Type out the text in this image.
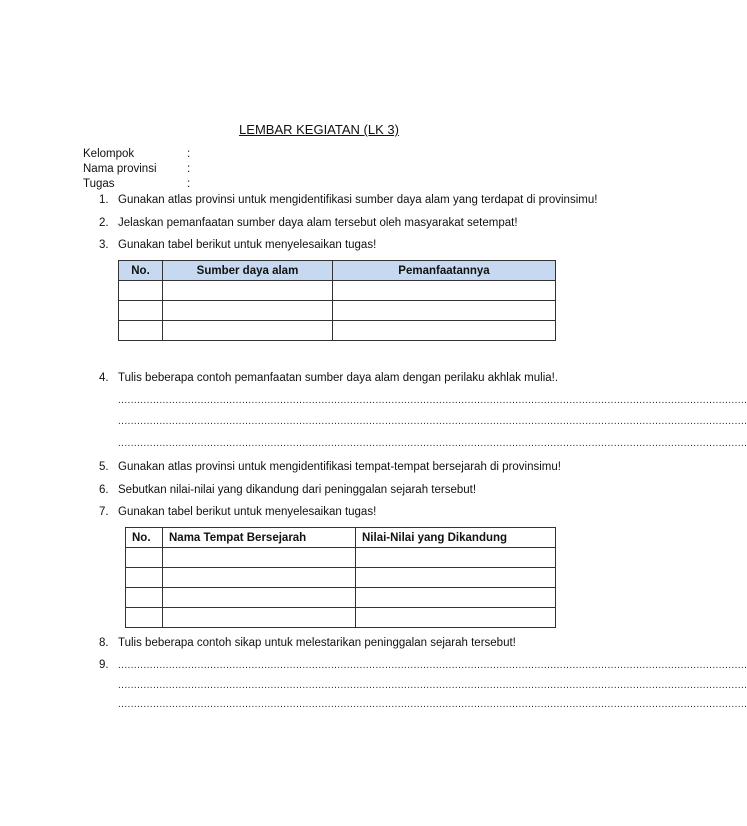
LEMBAR KEGIATAN (LK 3)
Kelompok	:
Nama provinsi	:
Tugas	:
1. Gunakan atlas provinsi untuk mengidentifikasi sumber daya alam yang terdapat di provinsimu!
2. Jelaskan pemanfaatan sumber daya alam tersebut oleh masyarakat setempat!
3. Gunakan tabel berikut untuk menyelesaikan tugas!
No.	Sumber daya alam	Pemanfaatannya

4. Tulis beberapa contoh pemanfaatan sumber daya alam dengan perilaku akhlak mulia!.
......................................................................................................................................................................................................
......................................................................................................................................................................................................
......................................................................................................................................................................................................
5. Gunakan atlas provinsi untuk mengidentifikasi tempat-tempat bersejarah di provinsimu!
6. Sebutkan nilai-nilai yang dikandung dari peninggalan sejarah tersebut!
7. Gunakan tabel berikut untuk menyelesaikan tugas!
No.	Nama Tempat Bersejarah	Nilai-Nilai yang Dikandung

8. Tulis beberapa contoh sikap untuk melestarikan peninggalan sejarah tersebut!
9. ......................................................................................................................................................................................................
......................................................................................................................................................................................................
......................................................................................................................................................................................................
